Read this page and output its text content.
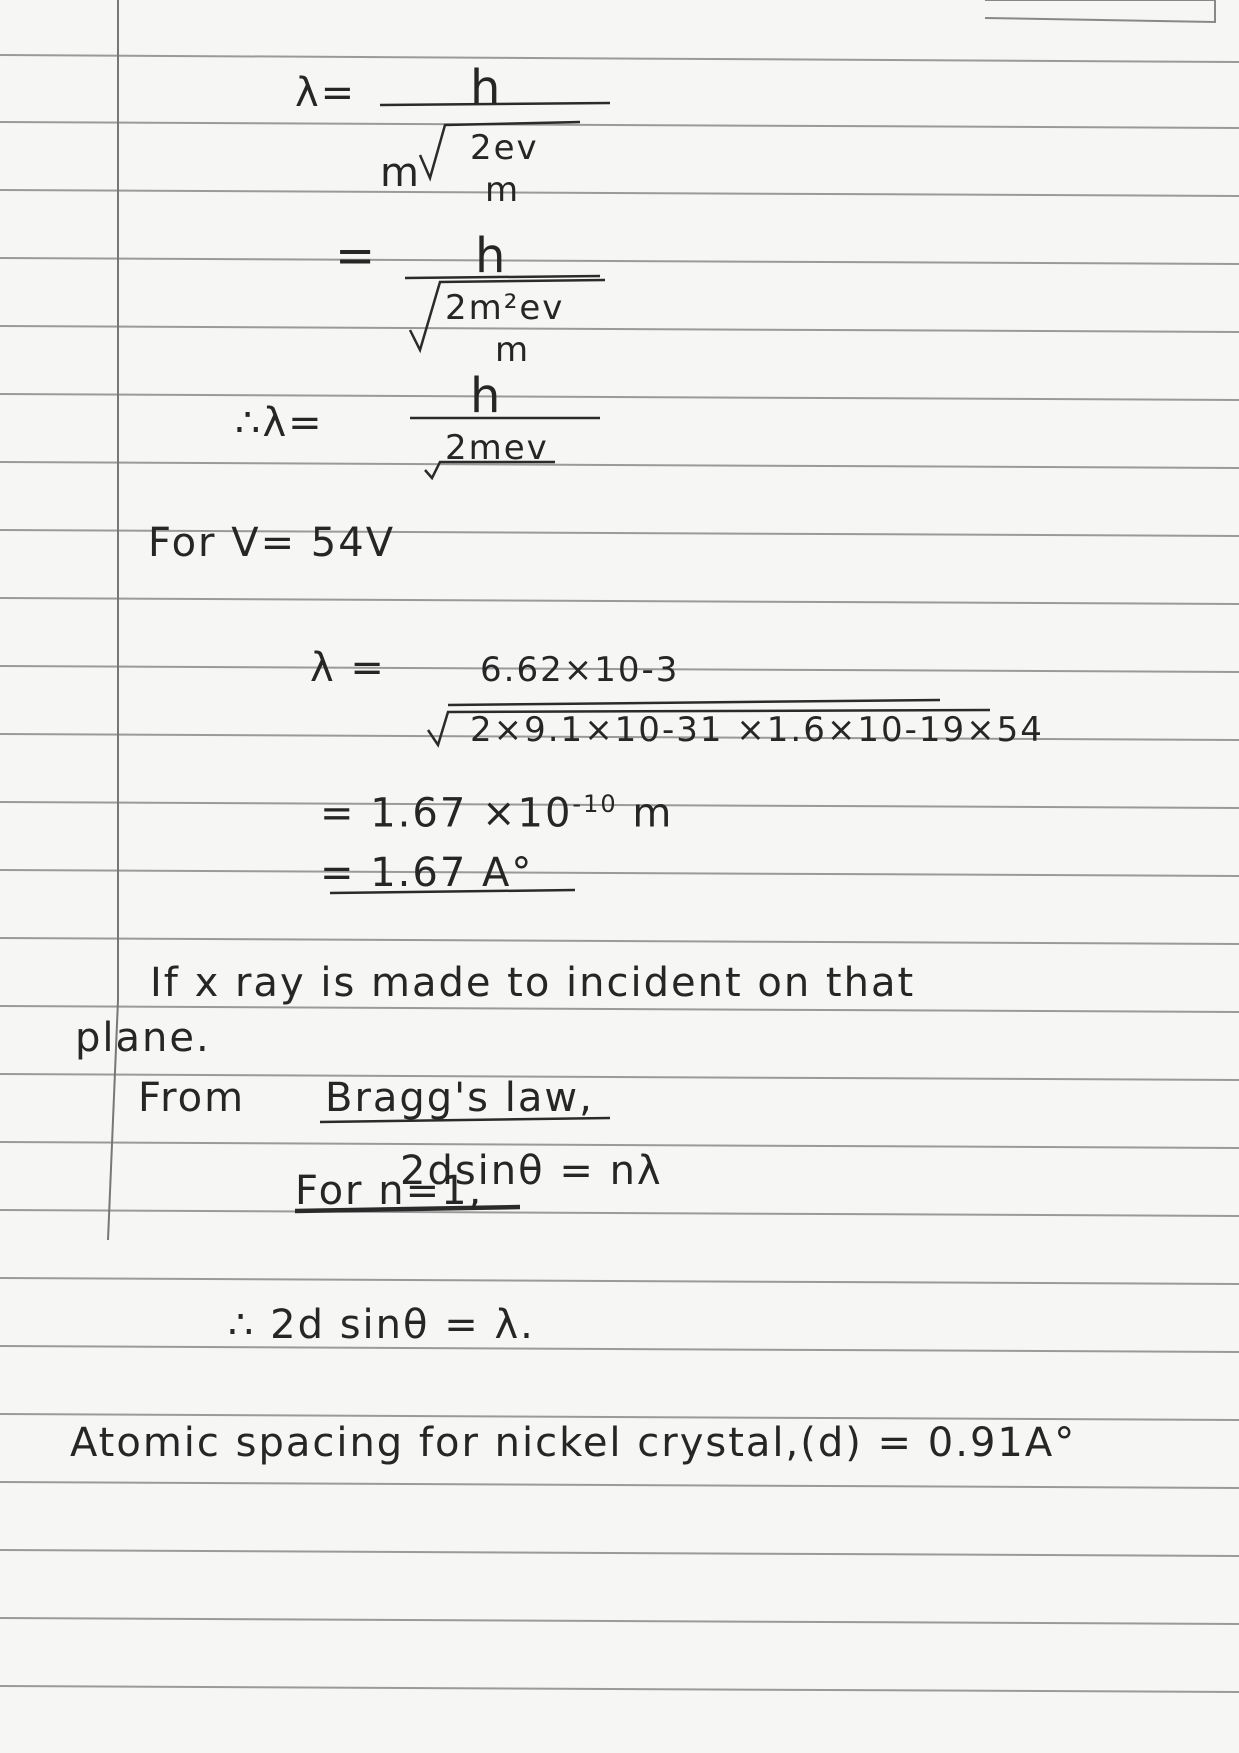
λ= h
m
2ev
m
= h
2m²ev
m
∴λ=	h
2mev
For V= 54V
λ =	6.62×10-3
2×9.1×10-31 ×1.6×10-19×54
= $1.67 \times 10^{-10}$ m
= 1.67 A°
If x ray is made to incident on that
plane.
From Bragg's law,
2dsinθ = nλ
For n=1,
∴ 2d sinθ = λ.
Atomic spacing for nickel crystal,(d) = 0.91A°
